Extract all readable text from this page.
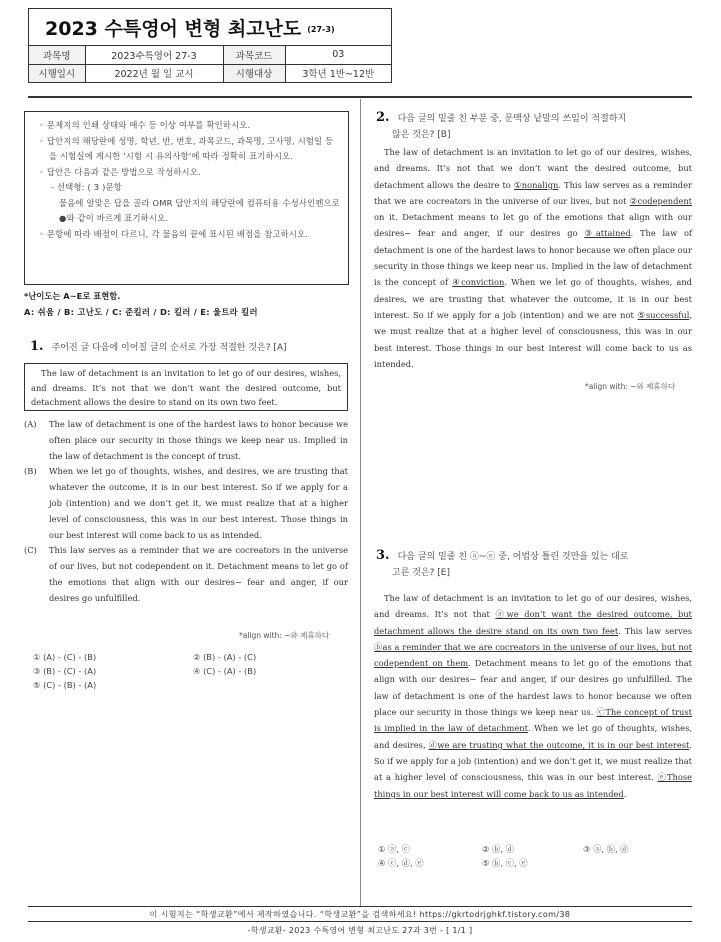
2023 수특영어 변형 최고난도 (27-3)
과목명	2023수특영어 27-3	과목코드	03
시행일시	2022년 월 일 교시	시행대상	3학년 1반~12반
◦ 문제지의 인쇄 상태와 매수 등 이상 여부를 확인하시오.
◦ 답안지의 해당란에 성명, 학년, 반, 번호, 과목코드, 과목명, 고사명, 시험일 등을 시험실에 게시한 '시험 시 유의사항'에 따라 정확히 표기하시오.
◦ 답안은 다음과 같은 방법으로 작성하시오.
- 선택형: ( 3 )문항
물음에 알맞은 답을 골라 OMR 답안지의 해당란에 컴퓨터용 수성사인펜으로 ●와 같이 바르게 표기하시오.
◦ 문항에 따라 배점이 다르니, 각 물음의 끝에 표시된 배점을 참고하시오.
*난이도는 A~E로 표현함.
A: 쉬움 / B: 고난도 / C: 준킬러 / D: 킬러 / E: 울트라 킬러
1. 주어진 글 다음에 이어질 글의 순서로 가장 적절한 것은? [A]
The law of detachment is an invitation to let go of our desires, wishes, and dreams. It’s not that we don’t want the desired outcome, but detachment allows the desire to stand on its own two feet.
(A)	The law of detachment is one of the hardest laws to honor because we often place our security in those things we keep near us. Implied in the law of detachment is the concept of trust.
(B)	When we let go of thoughts, wishes, and desires, we are trusting that whatever the outcome, it is in our best interest. So if we apply for a job (intention) and we don’t get it, we must realize that at a higher level of consciousness, this was in our best interest. Those things in our best interest will come back to us as intended.
(C)	This law serves as a reminder that we are cocreators in the universe of our lives, but not codependent on it. Detachment means to let go of the emotions that align with our desires− fear and anger, if our desires go unfulfilled.
*align with: ~와 제휴하다
① (A) - (C) - (B)	② (B) - (A) - (C)
③ (B) - (C) - (A)	④ (C) - (A) - (B)
⑤ (C) - (B) - (A)
2. 다음 글의 밑줄 친 부분 중, 문맥상 낱말의 쓰임이 적절하지
않은 것은? [B]

The law of detachment is an invitation to let go of our desires, wishes, and dreams. It’s not that we don’t want the desired outcome, but detachment allows the desire to ①nonalign. This law serves as a reminder that we are cocreators in the universe of our lives, but not ②codependent on it. Detachment means to let go of the emotions that align with our desires− fear and anger, if our desires go ③attained. The law of detachment is one of the hardest laws to honor because we often place our security in those things we keep near us. Implied in the law of detachment is the concept of ④conviction. When we let go of thoughts, wishes, and desires, we are trusting that whatever the outcome, it is in our best interest. So if we apply for a job (intention) and we are not ⑤successful, we must realize that at a higher level of consciousness, this was in our best interest. Those things in our best interest will come back to us as intended.

*align with: ~와 제휴하다
3. 다음 글의 밑줄 친 ⓐ~ⓔ 중, 어법상 틀린 것만을 있는 대로
고른 것은? [E]

The law of detachment is an invitation to let go of our desires, wishes, and dreams. It’s not that ⓐwe don’t want the desired outcome, but detachment allows the desire stand on its own two feet. This law serves ⓑas a reminder that we are cocreators in the universe of our lives, but not codependent on them. Detachment means to let go of the emotions that align with our desires− fear and anger, if our desires go unfulfilled. The law of detachment is one of the hardest laws to honor because we often place our security in those things we keep near us. ⓒThe concept of trust is implied in the law of detachment. When we let go of thoughts, wishes, and desires, ⓓwe are trusting what the outcome, it is in our best interest. So if we apply for a job (intention) and we don’t get it, we must realize that at a higher level of consciousness, this was in our best interest. ⓔThose things in our best interest will come back to us as intended.

① ⓐ, ⓒ	② ⓑ, ⓓ	③ ⓐ, ⓑ, ⓓ
④ ⓒ, ⓓ, ⓔ	⑤ ⓑ, ⓒ, ⓔ
이 시험지는 “학생교환”에서 제작하였습니다. “학생교환”을 검색하세요! https://gkrtodrjghkf.tistory.com/38
-학생교환- 2023 수특영어 변형 최고난도 27과 3번 - [ 1/1 ]
